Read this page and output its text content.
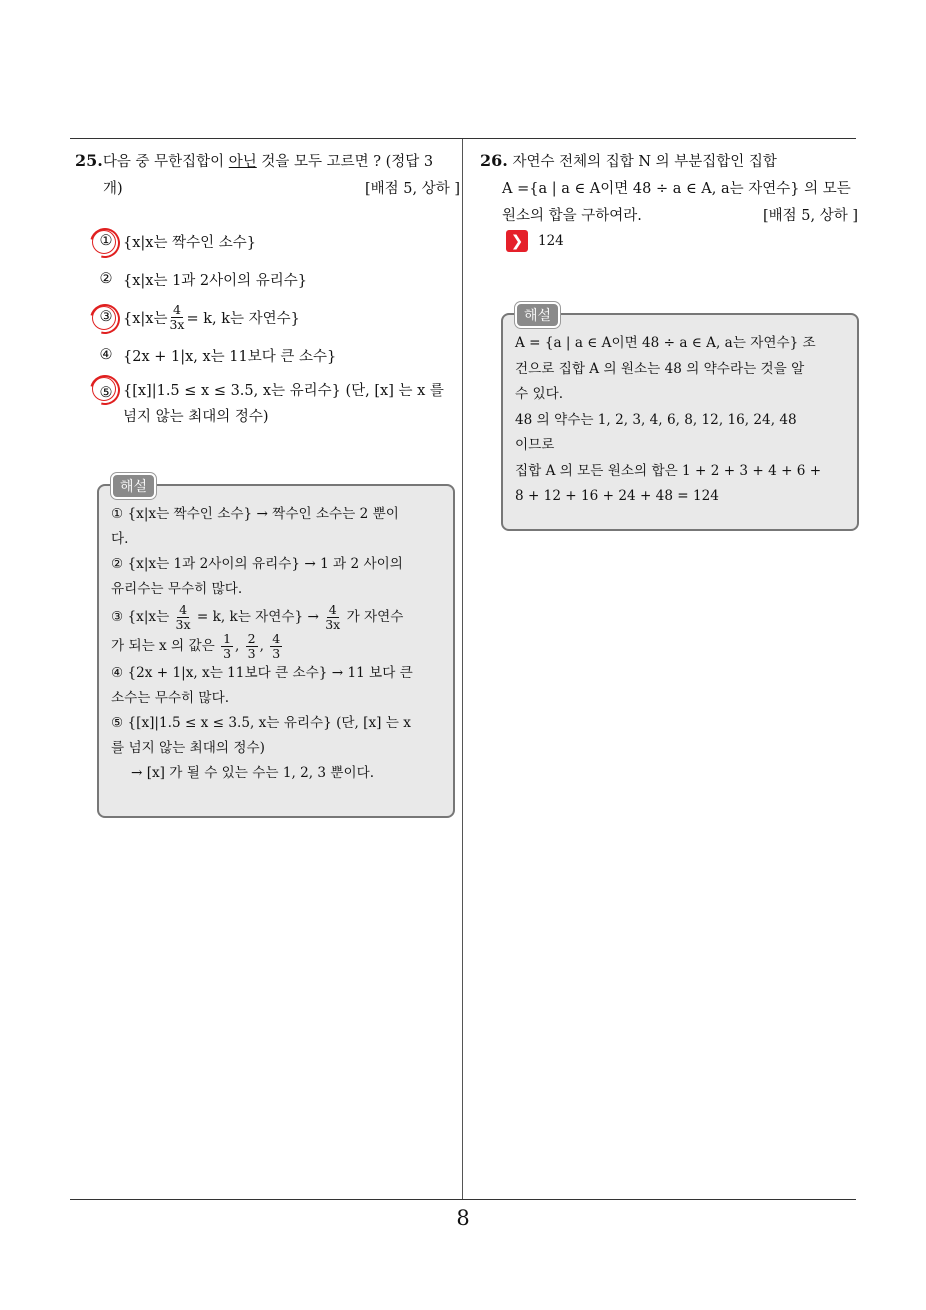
8
25.다음 중 무한집합이 아닌 것을 모두 고르면 ? (정답 3
개)	[배점 5, 상하 ]
① {x|x는 짝수인 소수}
② {x|x는 1과 2사이의 유리수}
③ {x|x는 $\frac{4}{3x} = k$, k는 자연수}
④ {2x + 1|x, x는 11보다 큰 소수}
⑤ {[x]|1.5 ≤ x ≤ 3.5, x는 유리수} (단, [x] 는 x 를
넘지 않는 최대의 정수)
해설
① {x|x는 짝수인 소수} → 짝수인 소수는 2 뿐이
다.
② {x|x는 1과 2사이의 유리수} → 1 과 2 사이의
유리수는 무수히 많다.
③ {x|x는 $\frac{4}{3x} = k$, k는 자연수} → $\frac{4}{3x}$ 가 자연수
가 되는 x 의 값은 $\frac{1}{3}$ , $\frac{2}{3}$ , $\frac{4}{3}$
④ {2x + 1|x, x는 11보다 큰 소수} → 11 보다 큰
소수는 무수히 많다.
⑤ {[x]|1.5 ≤ x ≤ 3.5, x는 유리수} (단, [x] 는 x
를 넘지 않는 최대의 정수)
→ [x] 가 될 수 있는 수는 1, 2, 3 뿐이다.
26. 자연수 전체의 집합 N 의 부분집합인 집합
A ={a | a ∈ A이면 48 ÷ a ∈ A, a는 자연수} 의 모든
원소의 합을 구하여라.	[배점 5, 상하 ]
❯	124
해설
A = {a | a ∈ A이면 48 ÷ a ∈ A, a는 자연수} 조
건으로 집합 A 의 원소는 48 의 약수라는 것을 알
수 있다.
48 의 약수는 1, 2, 3, 4, 6, 8, 12, 16, 24, 48
이므로
집합 A 의 모든 원소의 합은 1 + 2 + 3 + 4 + 6 +
8 + 12 + 16 + 24 + 48 = 124
